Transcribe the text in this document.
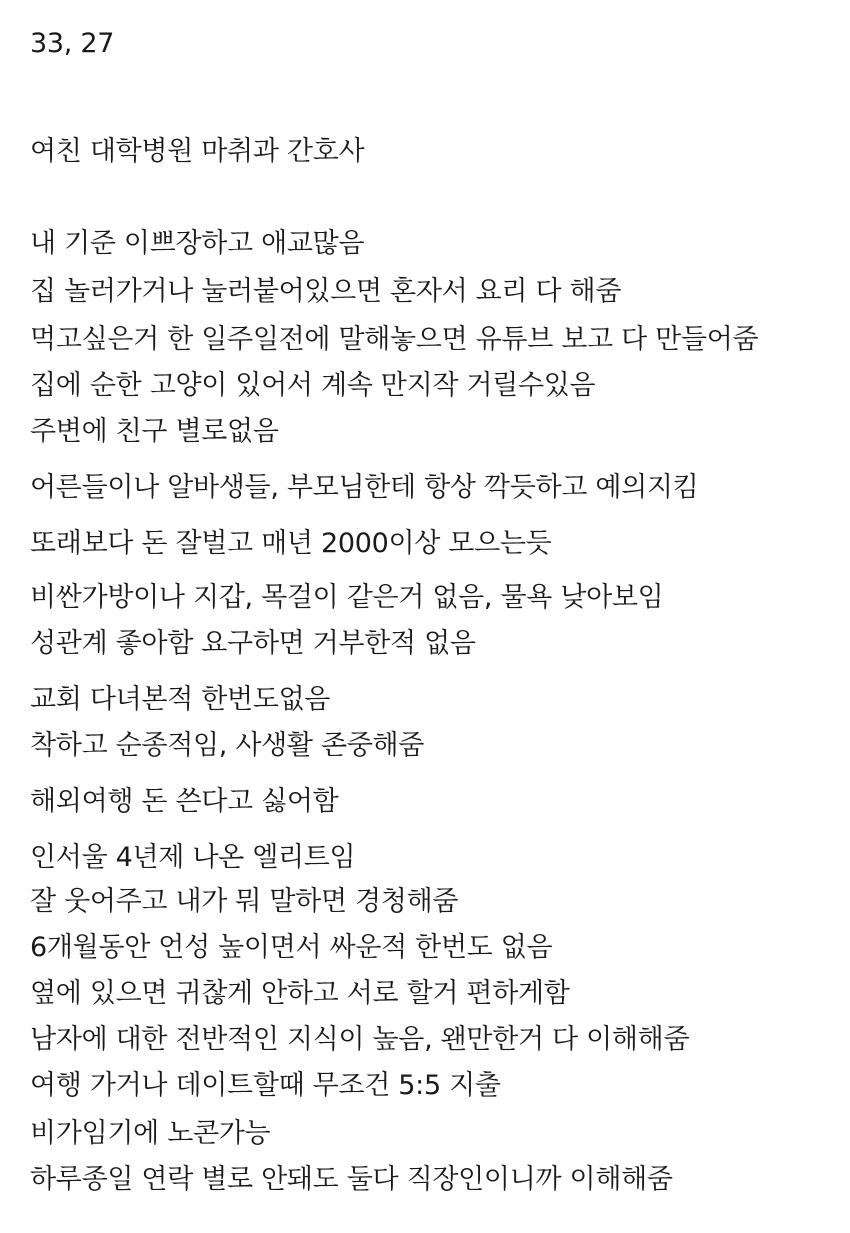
33, 27
여친 대학병원 마취과 간호사
내 기준 이쁘장하고 애교많음
집 놀러가거나 눌러붙어있으면 혼자서 요리 다 해줌
먹고싶은거 한 일주일전에 말해놓으면 유튜브 보고 다 만들어줌
집에 순한 고양이 있어서 계속 만지작 거릴수있음
주변에 친구 별로없음
어른들이나 알바생들, 부모님한테 항상 깍듯하고 예의지킴
또래보다 돈 잘벌고 매년 2000이상 모으는듯
비싼가방이나 지갑, 목걸이 같은거 없음, 물욕 낮아보임
성관계 좋아함 요구하면 거부한적 없음
교회 다녀본적 한번도없음
착하고 순종적임, 사생활 존중해줌
해외여행 돈 쓴다고 싫어함
인서울 4년제 나온 엘리트임
잘 웃어주고 내가 뭐 말하면 경청해줌
6개월동안 언성 높이면서 싸운적 한번도 없음
옆에 있으면 귀찮게 안하고 서로 할거 편하게함
남자에 대한 전반적인 지식이 높음, 왠만한거 다 이해해줌
여행 가거나 데이트할때 무조건 5:5 지출
비가임기에 노콘가능
하루종일 연락 별로 안돼도 둘다 직장인이니까 이해해줌
